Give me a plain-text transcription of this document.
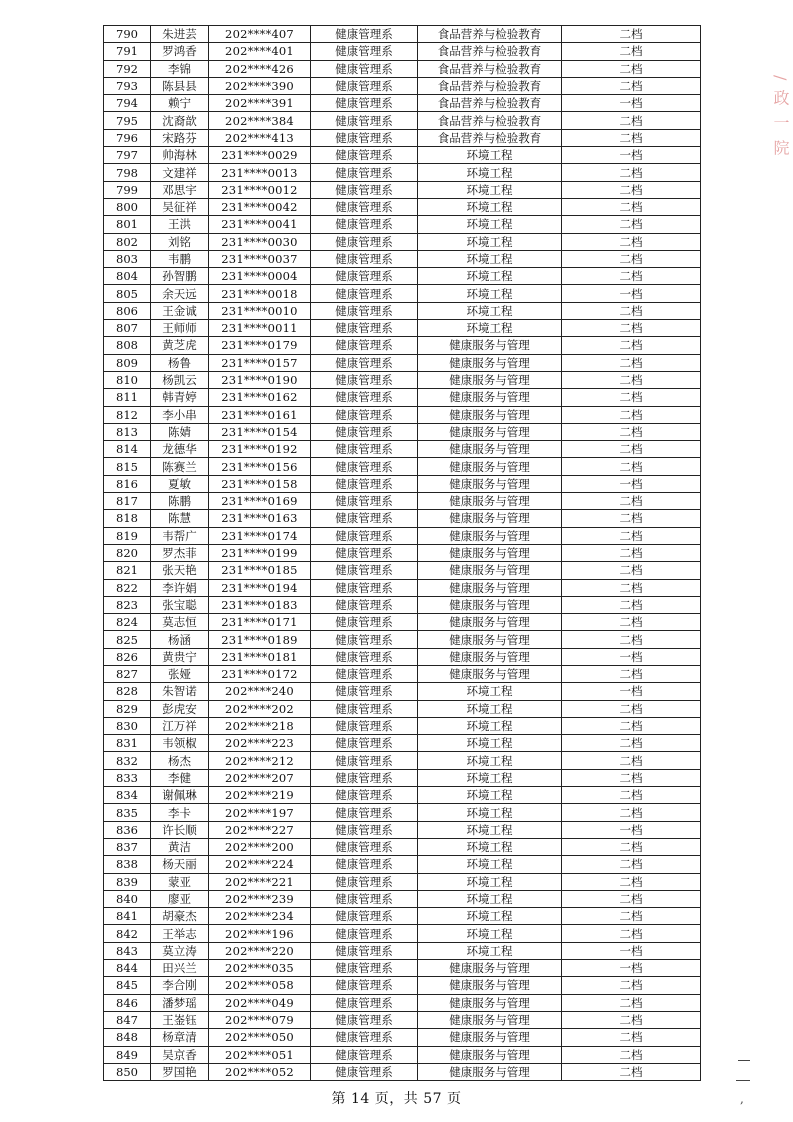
/ 政 一 院
790	朱进芸	202****407	健康管理系	食品营养与检验教育	二档
791	罗鸿香	202****401	健康管理系	食品营养与检验教育	二档
792	李锦	202****426	健康管理系	食品营养与检验教育	二档
793	陈县县	202****390	健康管理系	食品营养与检验教育	二档
794	赖宁	202****391	健康管理系	食品营养与检验教育	一档
795	沈裔歆	202****384	健康管理系	食品营养与检验教育	二档
796	宋路芬	202****413	健康管理系	食品营养与检验教育	二档
797	帅海林	231****0029	健康管理系	环境工程	一档
798	文建祥	231****0013	健康管理系	环境工程	二档
799	邓思宇	231****0012	健康管理系	环境工程	二档
800	吴征祥	231****0042	健康管理系	环境工程	二档
801	王洪	231****0041	健康管理系	环境工程	二档
802	刘铭	231****0030	健康管理系	环境工程	二档
803	韦鹏	231****0037	健康管理系	环境工程	二档
804	孙智鹏	231****0004	健康管理系	环境工程	二档
805	余天远	231****0018	健康管理系	环境工程	一档
806	王金诚	231****0010	健康管理系	环境工程	二档
807	王师师	231****0011	健康管理系	环境工程	二档
808	黄芝虎	231****0179	健康管理系	健康服务与管理	二档
809	杨鲁	231****0157	健康管理系	健康服务与管理	二档
810	杨凯云	231****0190	健康管理系	健康服务与管理	二档
811	韩青婷	231****0162	健康管理系	健康服务与管理	二档
812	李小串	231****0161	健康管理系	健康服务与管理	二档
813	陈婧	231****0154	健康管理系	健康服务与管理	二档
814	龙德华	231****0192	健康管理系	健康服务与管理	二档
815	陈赛兰	231****0156	健康管理系	健康服务与管理	二档
816	夏敏	231****0158	健康管理系	健康服务与管理	一档
817	陈鹏	231****0169	健康管理系	健康服务与管理	二档
818	陈慧	231****0163	健康管理系	健康服务与管理	二档
819	韦帮广	231****0174	健康管理系	健康服务与管理	二档
820	罗杰菲	231****0199	健康管理系	健康服务与管理	二档
821	张天艳	231****0185	健康管理系	健康服务与管理	二档
822	李许娟	231****0194	健康管理系	健康服务与管理	二档
823	张宝聪	231****0183	健康管理系	健康服务与管理	二档
824	莫志恒	231****0171	健康管理系	健康服务与管理	二档
825	杨涵	231****0189	健康管理系	健康服务与管理	二档
826	黄贵宁	231****0181	健康管理系	健康服务与管理	一档
827	张娅	231****0172	健康管理系	健康服务与管理	二档
828	朱智诺	202****240	健康管理系	环境工程	一档
829	彭虎安	202****202	健康管理系	环境工程	二档
830	江万祥	202****218	健康管理系	环境工程	二档
831	韦领椒	202****223	健康管理系	环境工程	二档
832	杨杰	202****212	健康管理系	环境工程	二档
833	李健	202****207	健康管理系	环境工程	二档
834	谢佩琳	202****219	健康管理系	环境工程	二档
835	李卡	202****197	健康管理系	环境工程	二档
836	许长顺	202****227	健康管理系	环境工程	一档
837	黄洁	202****200	健康管理系	环境工程	二档
838	杨天丽	202****224	健康管理系	环境工程	二档
839	蒙亚	202****221	健康管理系	环境工程	二档
840	廖亚	202****239	健康管理系	环境工程	二档
841	胡豪杰	202****234	健康管理系	环境工程	二档
842	王举志	202****196	健康管理系	环境工程	二档
843	莫立涛	202****220	健康管理系	环境工程	一档
844	田兴兰	202****035	健康管理系	健康服务与管理	一档
845	李合刚	202****058	健康管理系	健康服务与管理	二档
846	潘梦瑶	202****049	健康管理系	健康服务与管理	二档
847	王崟钰	202****079	健康管理系	健康服务与管理	二档
848	杨章清	202****050	健康管理系	健康服务与管理	二档
849	吴京香	202****051	健康管理系	健康服务与管理	二档
850	罗国艳	202****052	健康管理系	健康服务与管理	二档
第 14 页，共 57 页	,
